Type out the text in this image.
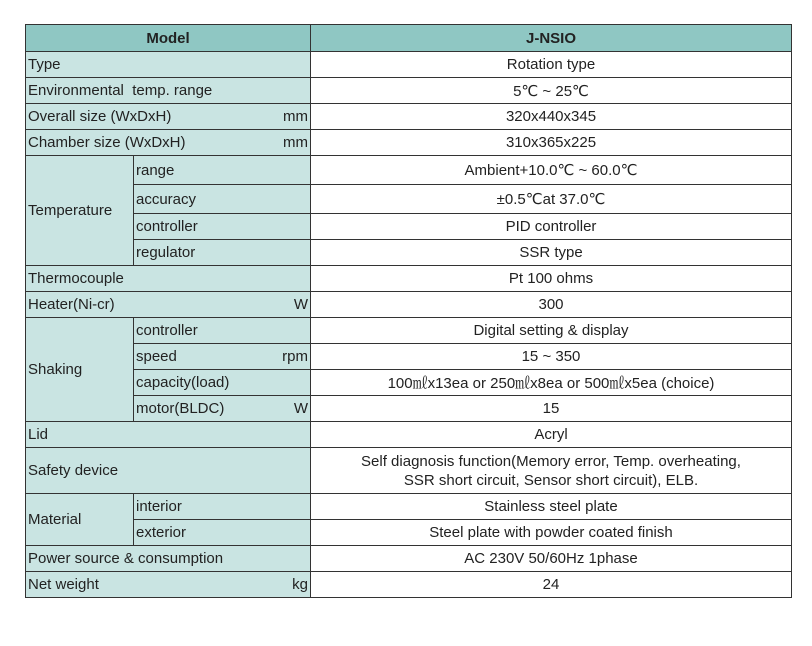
Model		J-NSIO
Type		Rotation type
Environmental  temp. range		5℃ ~ 25℃
Overall size (WxDxH) mm		320x440x345
Chamber size (WxDxH) mm		310x365x225
Temperature	range	Ambient+10.0℃ ~ 60.0℃
	accuracy	±0.5℃at 37.0℃
	controller	PID controller
	regulator	SSR type
Thermocouple		Pt 100 ohms
Heater(Ni-cr) W		300
Shaking	controller	Digital setting & display
	speed rpm	15 ~ 350
	capacity(load)	100㎖x13ea or 250㎖x8ea or 500㎖x5ea (choice)
	motor(BLDC) W	15
Lid		Acryl
Safety device		Self diagnosis function(Memory error, Temp. overheating,
SSR short circuit, Sensor short circuit), ELB.

Material	interior	Stainless steel plate
	exterior	Steel plate with powder coated finish
Power source & consumption		AC 230V 50/60Hz 1phase
Net weight kg		24
